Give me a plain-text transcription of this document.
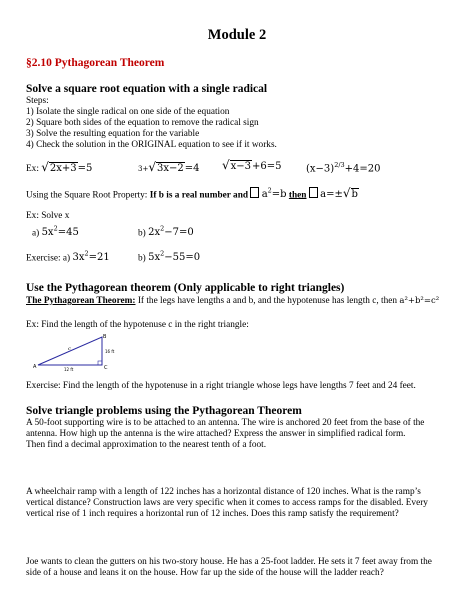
Module 2
§2.10 Pythagorean Theorem
Solve a square root equation with a single radical
Steps:
1) Isolate the single radical on one side of the equation
2) Square both sides of the equation to remove the radical sign
3) Solve the resulting equation for the variable
4) Check the solution in the ORIGINAL equation to see if it works.
Ex: √2x+3=5	3+√3x−2=4 √x−3+6=5 $(x-3)^{2/3}+4=20$
Using the Square Root Property: If b is a real number and $a^2=b$ then a=±√b
Ex: Solve x
a) $5x^2=45$	b) $2x^2-7=0$
Exercise: a) $3x^2=21$	b) $5x^2-55=0$
Use the Pythagorean theorem (Only applicable to right triangles)
The Pythagorean Theorem: If the legs have lengths a and b, and the hypotenuse has length c, then a²+b²=c²
Ex: Find the length of the hypotenuse c in the right triangle:
A	C
B
16 ft
12 ft
c
Exercise: Find the length of the hypotenuse in a right triangle whose legs have lengths 7 feet and 24 feet.
Solve triangle problems using the Pythagorean Theorem
A 50-foot supporting wire is to be attached to an antenna. The wire is anchored 20 feet from the base of the
antenna. How high up the antenna is the wire attached? Express the answer in simplified radical form.
Then find a decimal approximation to the nearest tenth of a foot.
A wheelchair ramp with a length of 122 inches has a horizontal distance of 120 inches. What is the ramp’s
vertical distance? Construction laws are very specific when it comes to access ramps for the disabled. Every
vertical rise of 1 inch requires a horizontal run of 12 inches. Does this ramp satisfy the requirement?
Joe wants to clean the gutters on his two-story house. He has a 25-foot ladder. He sets it 7 feet away from the
side of a house and leans it on the house. How far up the side of the house will the ladder reach?
